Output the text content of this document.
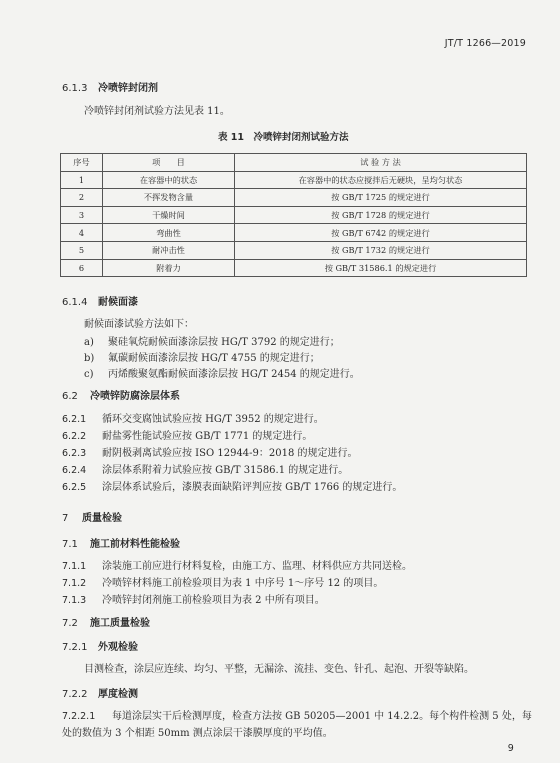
JT/T 1266—2019
6.1.3 冷喷锌封闭剂
冷喷锌封闭剂试验方法见表 11。
表 11　冷喷锌封闭剂试验方法
序号	项　　目	试 验 方 法
1	在容器中的状态	在容器中的状态应搅拌后无硬块，呈均匀状态
2	不挥发物含量	按 GB/T 1725 的规定进行
3	干燥时间	按 GB/T 1728 的规定进行
4	弯曲性	按 GB/T 6742 的规定进行
5	耐冲击性	按 GB/T 1732 的规定进行
6	附着力	按 GB/T 31586.1 的规定进行
6.1.4 耐候面漆
耐候面漆试验方法如下：
a) 聚硅氧烷耐候面漆涂层按 HG/T 3792 的规定进行；
b) 氟碳耐候面漆涂层按 HG/T 4755 的规定进行；
c) 丙烯酸聚氨酯耐候面漆涂层按 HG/T 2454 的规定进行。
6.2 冷喷锌防腐涂层体系
6.2.1 循环交变腐蚀试验应按 HG/T 3952 的规定进行。
6.2.2 耐盐雾性能试验应按 GB/T 1771 的规定进行。
6.2.3 耐阴极剥离试验应按 ISO 12944-9：2018 的规定进行。
6.2.4 涂层体系附着力试验应按 GB/T 31586.1 的规定进行。
6.2.5 涂层体系试验后，漆膜表面缺陷评判应按 GB/T 1766 的规定进行。
7 质量检验
7.1 施工前材料性能检验
7.1.1 涂装施工前应进行材料复检，由施工方、监理、材料供应方共同送检。
7.1.2 冷喷锌材料施工前检验项目为表 1 中序号 1～序号 12 的项目。
7.1.3 冷喷锌封闭剂施工前检验项目为表 2 中所有项目。
7.2 施工质量检验
7.2.1 外观检验
目测检查，涂层应连续、均匀、平整，无漏涂、流挂、变色、针孔、起泡、开裂等缺陷。
7.2.2 厚度检测
7.2.2.1 每道涂层实干后检测厚度，检查方法按 GB 50205—2001 中 14.2.2。每个构件检测 5 处，每
处的数值为 3 个相距 50mm 测点涂层干漆膜厚度的平均值。
9
